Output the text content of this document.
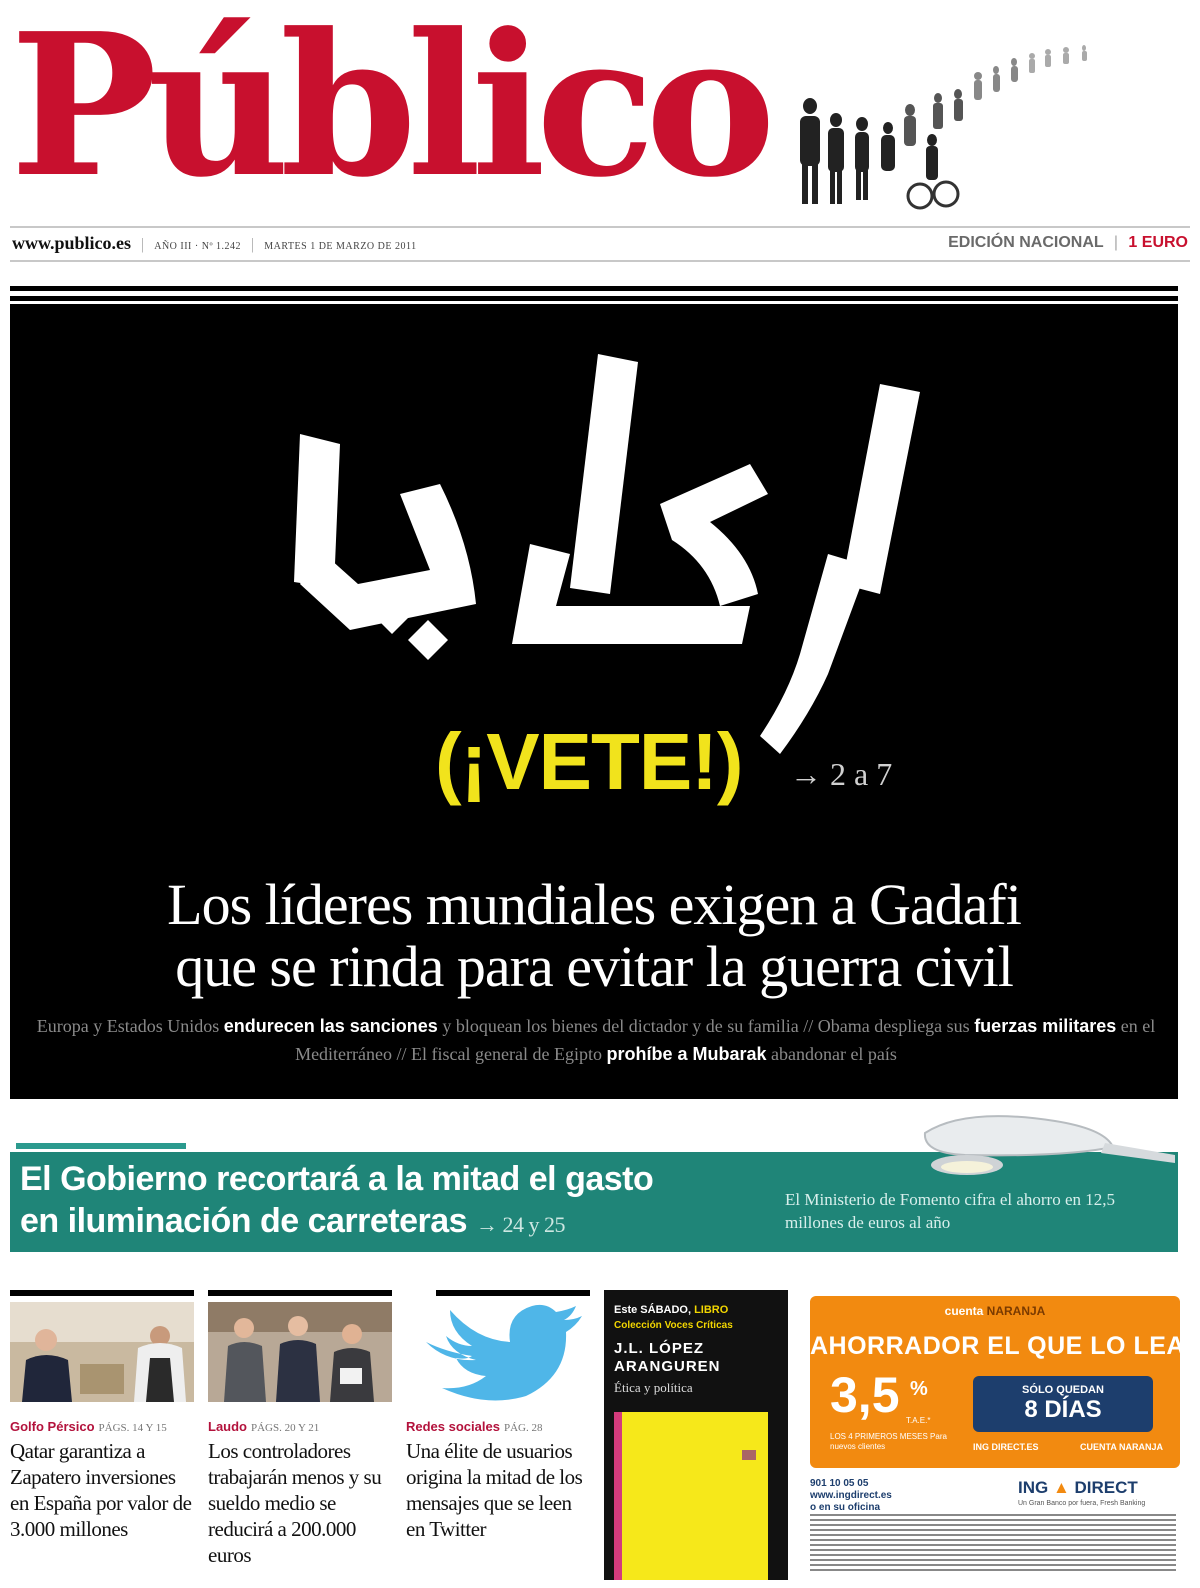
Público
www.publico.es | AÑO III · Nº 1.242 | MARTES 1 DE MARZO DE 2011	EDICIÓN NACIONAL | 1 EURO
(¡VETE!) → 2 a 7
Los líderes mundiales exigen a Gadafi
que se rinda para evitar la guerra civil
Europa y Estados Unidos endurecen las sanciones y bloquean los bienes del dictador y de su familia // Obama despliega sus fuerzas militares en el Mediterráneo // El fiscal general de Egipto prohíbe a Mubarak abandonar el país
El Gobierno recortará a la mitad el gasto
en iluminación de carreteras → 24 y 25
El Ministerio de Fomento cifra el ahorro en 12,5 millones de euros al año
Golfo Pérsico PÁGS. 14 Y 15
Qatar garantiza a Zapatero inversiones en España por valor de 3.000 millones
Laudo PÁGS. 20 Y 21
Los controladores trabajarán menos y su sueldo medio se reducirá a 200.000 euros
Redes sociales PÁG. 28
Una élite de usuarios origina la mitad de los mensajes que se leen en Twitter
Este SÁBADO, LIBRO
Colección Voces Críticas
J.L. LÓPEZ ARANGUREN
Ética y política
cuenta NARANJA
AHORRADOR EL QUE LO LEA
3,5 %
T.A.E.*
LOS 4 PRIMEROS MESES Para nuevos clientes
SÓLO QUEDAN
8 DÍAS
ING DIRECT.ES	CUENTA NARANJA
901 10 05 05
www.ingdirect.es
o en su oficina
ING ▲ DIRECT
Un Gran Banco por fuera, Fresh Banking
